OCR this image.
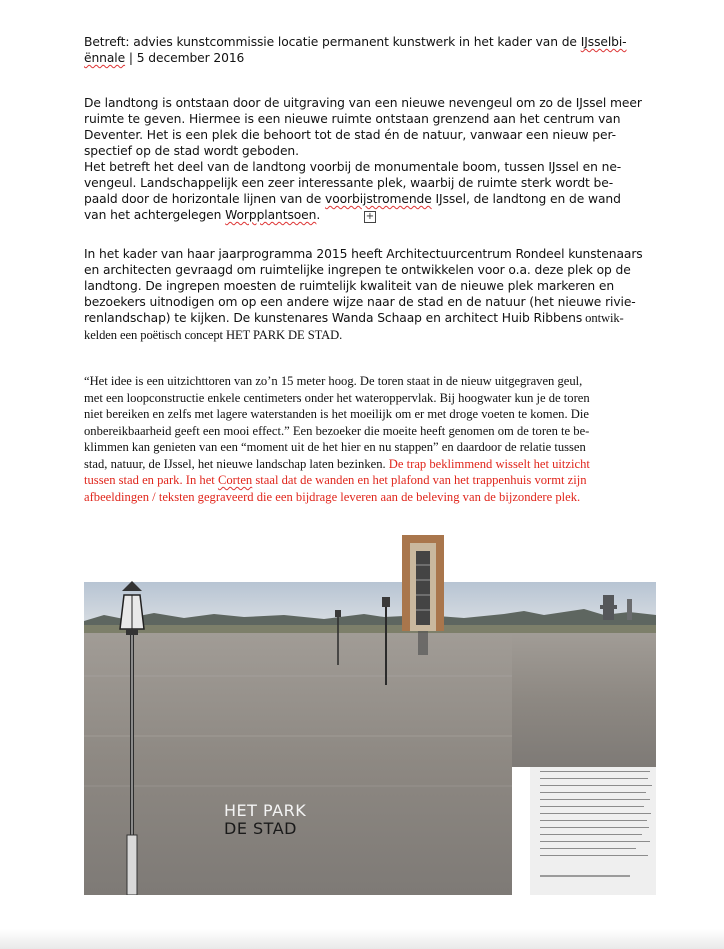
Betreft: advies kunstcommissie locatie permanent kunstwerk in het kader van de IJsselbi-
ënnale | 5 december 2016
De landtong is ontstaan door de uitgraving van een nieuwe nevengeul om zo de IJssel meer
ruimte te geven. Hiermee is een nieuwe ruimte ontstaan grenzend aan het centrum van
Deventer. Het is een plek die behoort tot de stad én de natuur, vanwaar een nieuw per-
spectief op de stad wordt geboden.
Het betreft het deel van de landtong voorbij de monumentale boom, tussen IJssel en ne-
vengeul. Landschappelijk een zeer interessante plek, waarbij de ruimte sterk wordt be-
paald door de horizontale lijnen van de voorbijstromende IJssel, de landtong en de wand
van het achtergelegen Worpplantsoen.	+
In het kader van haar jaarprogramma 2015 heeft Architectuurcentrum Rondeel kunstenaars
en architecten gevraagd om ruimtelijke ingrepen te ontwikkelen voor o.a. deze plek op de
landtong. De ingrepen moesten de ruimtelijk kwaliteit van de nieuwe plek markeren en
bezoekers uitnodigen om op een andere wijze naar de stad en de natuur (het nieuwe rivie-
renlandschap) te kijken. De kunstenares Wanda Schaap en architect Huib Ribbens ontwik-
kelden een poëtisch concept HET PARK DE STAD.
“Het idee is een uitzichttoren van zo’n 15 meter hoog. De toren staat in de nieuw uitgegraven geul,
met een loopconstructie enkele centimeters onder het wateroppervlak. Bij hoogwater kun je de toren
niet bereiken en zelfs met lagere waterstanden is het moeilijk om er met droge voeten te komen. Die
onbereikbaarheid geeft een mooi effect.” Een bezoeker die moeite heeft genomen om de toren te be-
klimmen kan genieten van een “moment uit de het hier en nu stappen” en daardoor de relatie tussen
stad, natuur, de IJssel, het nieuwe landschap laten bezinken. De trap beklimmend wisselt het uitzicht
tussen stad en park. In het Corten staal dat de wanden en het plafond van het trappenhuis vormt zijn
afbeeldingen / teksten gegraveerd die een bijdrage leveren aan de beleving van de bijzondere plek.
HET PARK
DE STAD
